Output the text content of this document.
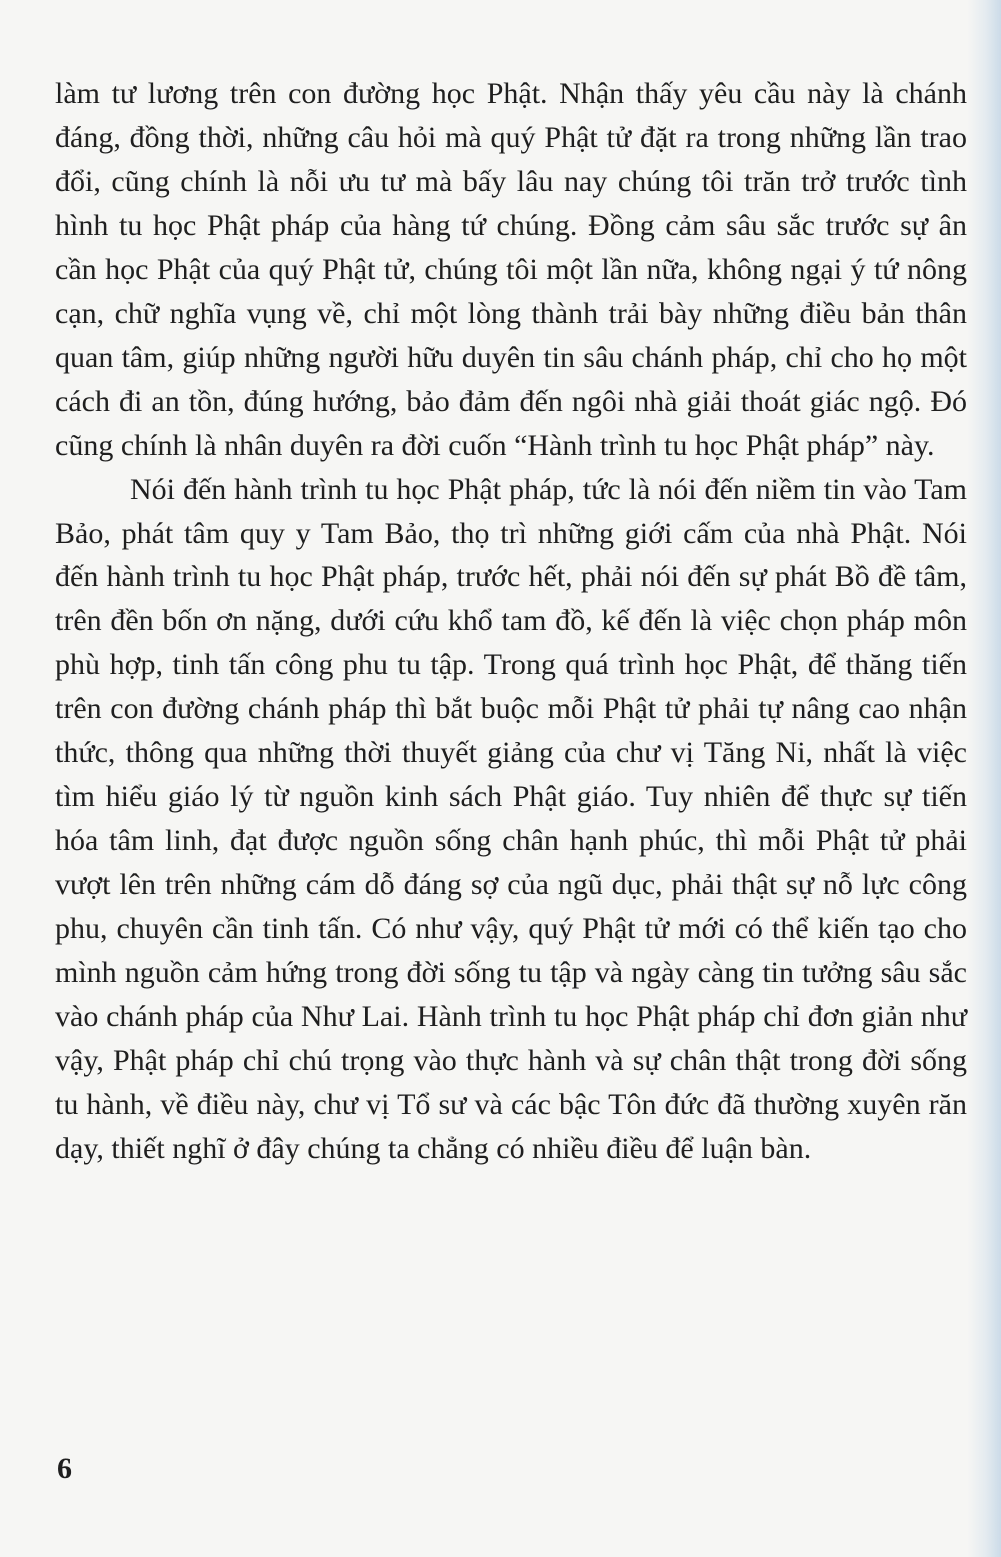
làm tư lương trên con đường học Phật. Nhận thấy yêu cầu này là chánh đáng, đồng thời, những câu hỏi mà quý Phật tử đặt ra trong những lần trao đổi, cũng chính là nỗi ưu tư mà bấy lâu nay chúng tôi trăn trở trước tình hình tu học Phật pháp của hàng tứ chúng. Đồng cảm sâu sắc trước sự ân cần học Phật của quý Phật tử, chúng tôi một lần nữa, không ngại ý tứ nông cạn, chữ nghĩa vụng về, chỉ một lòng thành trải bày những điều bản thân quan tâm, giúp những người hữu duyên tin sâu chánh pháp, chỉ cho họ một cách đi an tồn, đúng hướng, bảo đảm đến ngôi nhà giải thoát giác ngộ. Đó cũng chính là nhân duyên ra đời cuốn “Hành trình tu học Phật pháp” này.

Nói đến hành trình tu học Phật pháp, tức là nói đến niềm tin vào Tam Bảo, phát tâm quy y Tam Bảo, thọ trì những giới cấm của nhà Phật. Nói đến hành trình tu học Phật pháp, trước hết, phải nói đến sự phát Bồ đề tâm, trên đền bốn ơn nặng, dưới cứu khổ tam đồ, kế đến là việc chọn pháp môn phù hợp, tinh tấn công phu tu tập. Trong quá trình học Phật, để thăng tiến trên con đường chánh pháp thì bắt buộc mỗi Phật tử phải tự nâng cao nhận thức, thông qua những thời thuyết giảng của chư vị Tăng Ni, nhất là việc tìm hiểu giáo lý từ nguồn kinh sách Phật giáo. Tuy nhiên để thực sự tiến hóa tâm linh, đạt được nguồn sống chân hạnh phúc, thì mỗi Phật tử phải vượt lên trên những cám dỗ đáng sợ của ngũ dục, phải thật sự nỗ lực công phu, chuyên cần tinh tấn. Có như vậy, quý Phật tử mới có thể kiến tạo cho mình nguồn cảm hứng trong đời sống tu tập và ngày càng tin tưởng sâu sắc vào chánh pháp của Như Lai. Hành trình tu học Phật pháp chỉ đơn giản như vậy, Phật pháp chỉ chú trọng vào thực hành và sự chân thật trong đời sống tu hành, về điều này, chư vị Tổ sư và các bậc Tôn đức đã thường xuyên răn dạy, thiết nghĩ ở đây chúng ta chẳng có nhiều điều để luận bàn.

6
